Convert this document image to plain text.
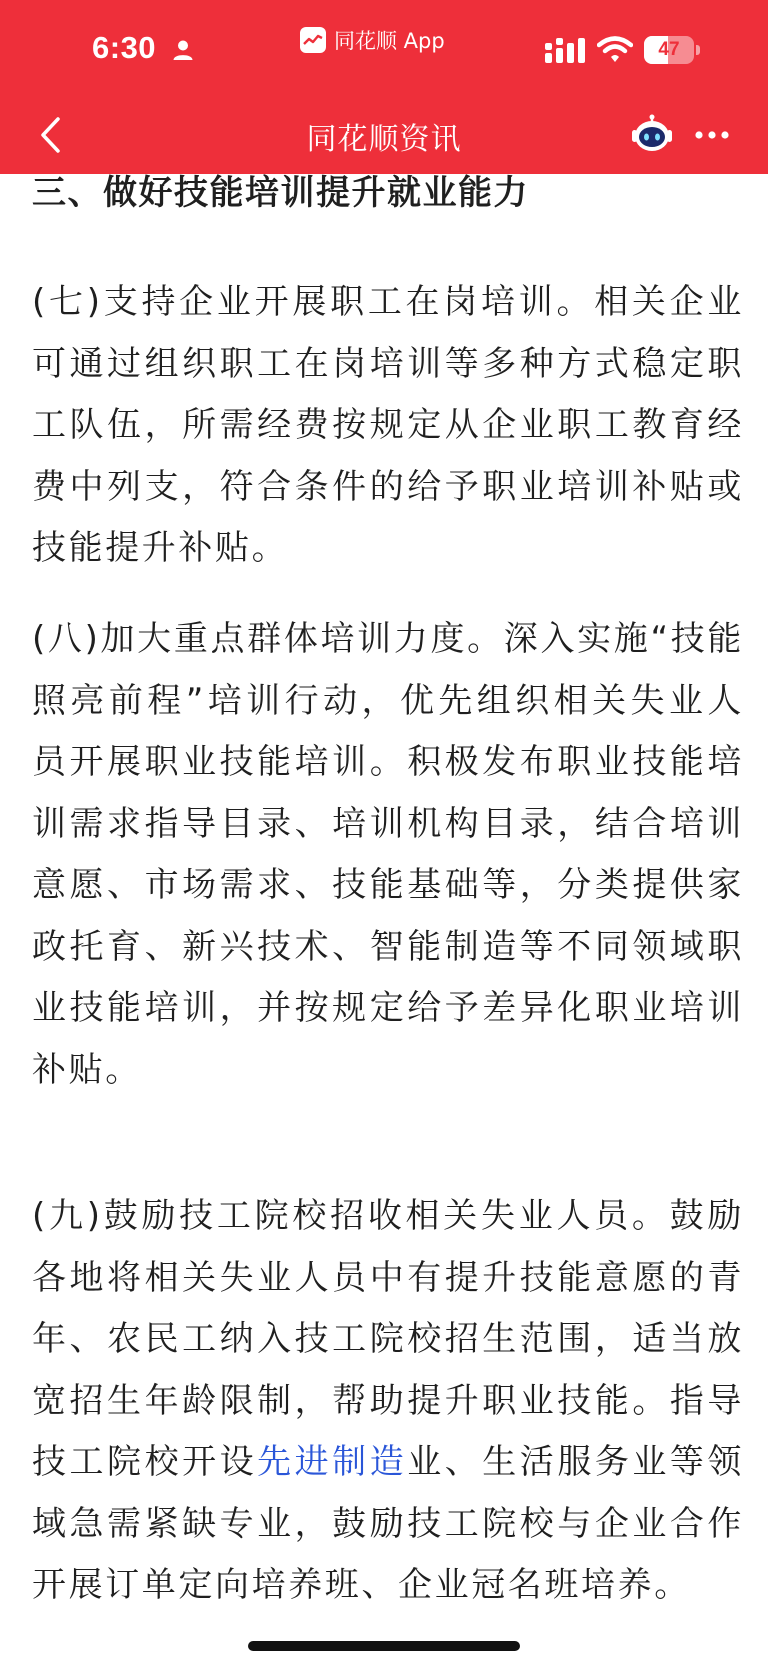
6:30	同花顺 App	47
同花顺资讯
三、做好技能培训提升就业能力

(七)支持企业开展职工在岗培训。相关企业可通过组织职工在岗培训等多种方式稳定职工队伍，所需经费按规定从企业职工教育经费中列支，符合条件的给予职业培训补贴或技能提升补贴。

(八)加大重点群体培训力度。深入实施“技能照亮前程”培训行动，优先组织相关失业人员开展职业技能培训。积极发布职业技能培训需求指导目录、培训机构目录，结合培训意愿、市场需求、技能基础等，分类提供家政托育、新兴技术、智能制造等不同领域职业技能培训，并按规定给予差异化职业培训补贴。

(九)鼓励技工院校招收相关失业人员。鼓励各地将相关失业人员中有提升技能意愿的青年、农民工纳入技工院校招生范围，适当放宽招生年龄限制，帮助提升职业技能。指导技工院校开设先进制造业、生活服务业等领域急需紧缺专业，鼓励技工院校与企业合作开展订单定向培养班、企业冠名班培养。
